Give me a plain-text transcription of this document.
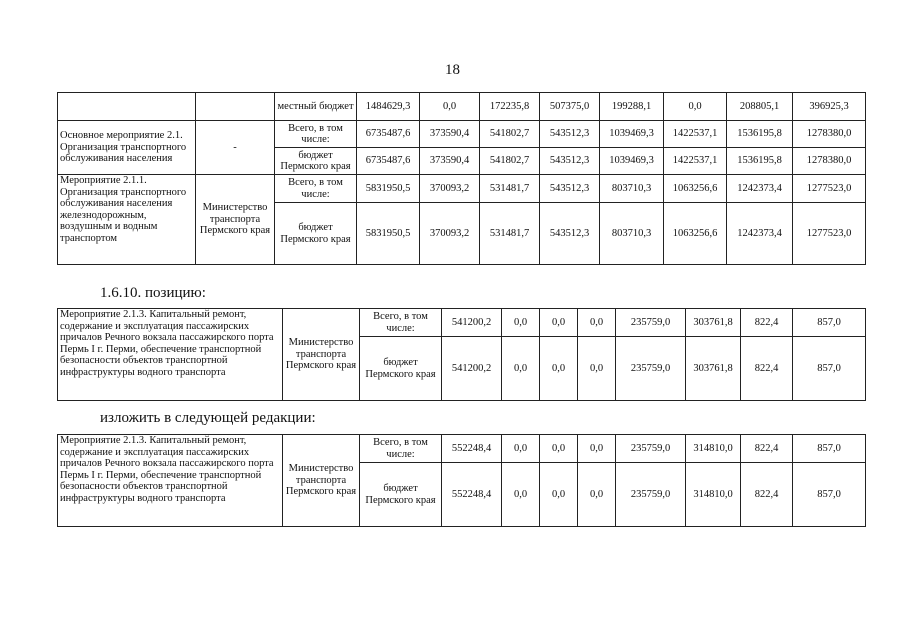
18
		местный бюджет	1484629,3	0,0	172235,8	507375,0	199288,1	0,0	208805,1	396925,3
Основное мероприятие 2.1. Организация транспортного обслуживания населения	-	Всего, в том числе:	6735487,6	373590,4	541802,7	543512,3	1039469,3	1422537,1	1536195,8	1278380,0
		бюджет Пермского края	6735487,6	373590,4	541802,7	543512,3	1039469,3	1422537,1	1536195,8	1278380,0
Мероприятие 2.1.1. Организация транспортного обслуживания населения железнодорожным, воздушным и водным транспортом	Министерство транспорта Пермского края	Всего, в том числе:	5831950,5	370093,2	531481,7	543512,3	803710,3	1063256,6	1242373,4	1277523,0
		бюджет Пермского края	5831950,5	370093,2	531481,7	543512,3	803710,3	1063256,6	1242373,4	1277523,0
1.6.10. позицию:
Мероприятие 2.1.3. Капитальный ремонт, содержание и эксплуатация пассажирских причалов Речного вокзала пассажирского порта Пермь I г. Перми, обеспечение транспортной безопасности объектов транспортной инфраструктуры водного транспорта	Министерство транспорта Пермского края	Всего, в том числе:	541200,2	0,0	0,0	0,0	235759,0	303761,8	822,4	857,0
		бюджет Пермского края	541200,2	0,0	0,0	0,0	235759,0	303761,8	822,4	857,0
изложить в следующей редакции:
Мероприятие 2.1.3. Капитальный ремонт, содержание и эксплуатация пассажирских причалов Речного вокзала пассажирского порта Пермь I г. Перми, обеспечение транспортной безопасности объектов транспортной инфраструктуры водного транспорта	Министерство транспорта Пермского края	Всего, в том числе:	552248,4	0,0	0,0	0,0	235759,0	314810,0	822,4	857,0
		бюджет Пермского края	552248,4	0,0	0,0	0,0	235759,0	314810,0	822,4	857,0
